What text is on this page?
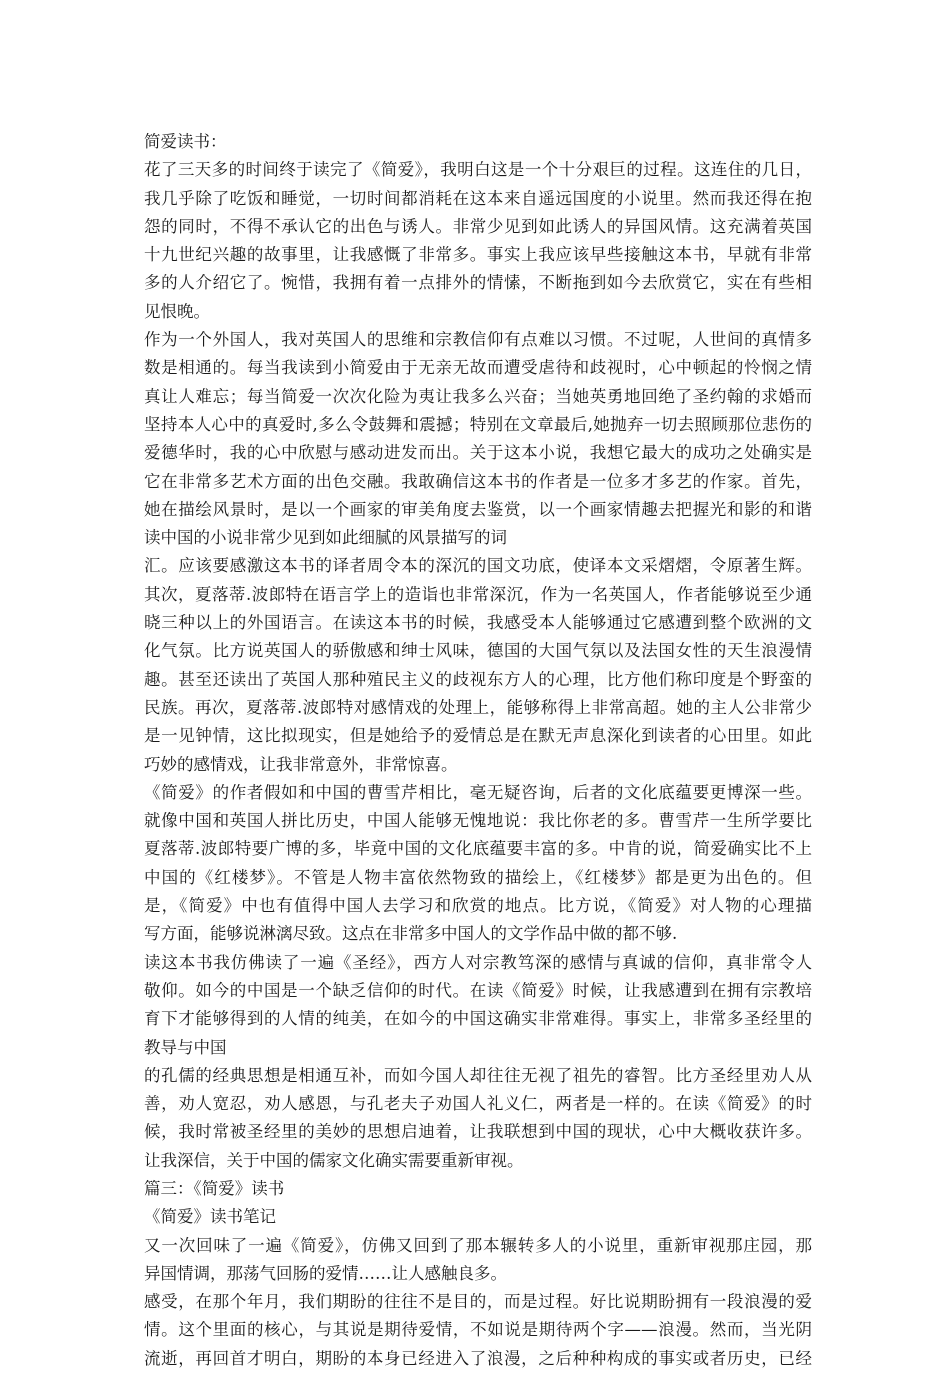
简爱读书：
花了三天多的时间终于读完了《简爱》，我明白这是一个十分艰巨的过程。这连住的几日，
我几乎除了吃饭和睡觉，一切时间都消耗在这本来自遥远国度的小说里。然而我还得在抱
怨的同时，不得不承认它的出色与诱人。非常少见到如此诱人的异国风情。这充满着英国
十九世纪兴趣的故事里，让我感慨了非常多。事实上我应该早些接触这本书，早就有非常
多的人介绍它了。惋惜，我拥有着一点排外的情愫，不断拖到如今去欣赏它，实在有些相
见恨晚。
作为一个外国人，我对英国人的思维和宗教信仰有点难以习惯。不过呢，人世间的真情多
数是相通的。每当我读到小简爱由于无亲无故而遭受虐待和歧视时，心中顿起的怜悯之情
真让人难忘；每当简爱一次次化险为夷让我多么兴奋；当她英勇地回绝了圣约翰的求婚而
坚持本人心中的真爱时,多么令鼓舞和震撼；特别在文章最后,她抛弃一切去照顾那位悲伤的
爱德华时，我的心中欣慰与感动进发而出。关于这本小说，我想它最大的成功之处确实是
它在非常多艺术方面的出色交融。我敢确信这本书的作者是一位多才多艺的作家。首先，
她在描绘风景时，是以一个画家的审美角度去鉴赏，以一个画家情趣去把握光和影的和谐
读中国的小说非常少见到如此细腻的风景描写的词
汇。应该要感激这本书的译者周令本的深沉的国文功底，使译本文采熠熠，令原著生辉。
其次，夏落蒂.波郎特在语言学上的造诣也非常深沉，作为一名英国人，作者能够说至少通
晓三种以上的外国语言。在读这本书的时候，我感受本人能够通过它感遭到整个欧洲的文
化气氛。比方说英国人的骄傲感和绅士风味，德国的大国气氛以及法国女性的天生浪漫情
趣。甚至还读出了英国人那种殖民主义的歧视东方人的心理，比方他们称印度是个野蛮的
民族。再次，夏落蒂.波郎特对感情戏的处理上，能够称得上非常高超。她的主人公非常少
是一见钟情，这比拟现实，但是她给予的爱情总是在默无声息深化到读者的心田里。如此
巧妙的感情戏，让我非常意外，非常惊喜。
《简爱》的作者假如和中国的曹雪芹相比，毫无疑咨询，后者的文化底蕴要更博深一些。
就像中国和英国人拼比历史，中国人能够无愧地说：我比你老的多。曹雪芹一生所学要比
夏落蒂.波郎特要广博的多，毕竟中国的文化底蕴要丰富的多。中肯的说，简爱确实比不上
中国的《红楼梦》。不管是人物丰富依然物致的描绘上，《红楼梦》都是更为出色的。但
是，《简爱》中也有值得中国人去学习和欣赏的地点。比方说，《简爱》对人物的心理描
写方面，能够说淋漓尽致。这点在非常多中国人的文学作品中做的都不够.
读这本书我仿佛读了一遍《圣经》，西方人对宗教笃深的感情与真诚的信仰，真非常令人
敬仰。如今的中国是一个缺乏信仰的时代。在读《简爱》时候，让我感遭到在拥有宗教培
育下才能够得到的人情的纯美，在如今的中国这确实非常难得。事实上，非常多圣经里的
教导与中国
的孔儒的经典思想是相通互补，而如今国人却往往无视了祖先的睿智。比方圣经里劝人从
善，劝人宽忍，劝人感恩，与孔老夫子劝国人礼义仁，两者是一样的。在读《简爱》的时
候，我时常被圣经里的美妙的思想启迪着，让我联想到中国的现状，心中大概收获许多。
让我深信，关于中国的儒家文化确实需要重新审视。
篇三：《简爱》读书
《简爱》读书笔记
又一次回味了一遍《简爱》，仿佛又回到了那本辗转多人的小说里，重新审视那庄园，那
异国情调，那荡气回肠的爱情……让人感触良多。
感受，在那个年月，我们期盼的往往不是目的，而是过程。好比说期盼拥有一段浪漫的爱
情。这个里面的核心，与其说是期待爱情，不如说是期待两个字——浪漫。然而，当光阴
流逝，再回首才明白，期盼的本身已经进入了浪漫，之后种种构成的事实或者历史，已经
